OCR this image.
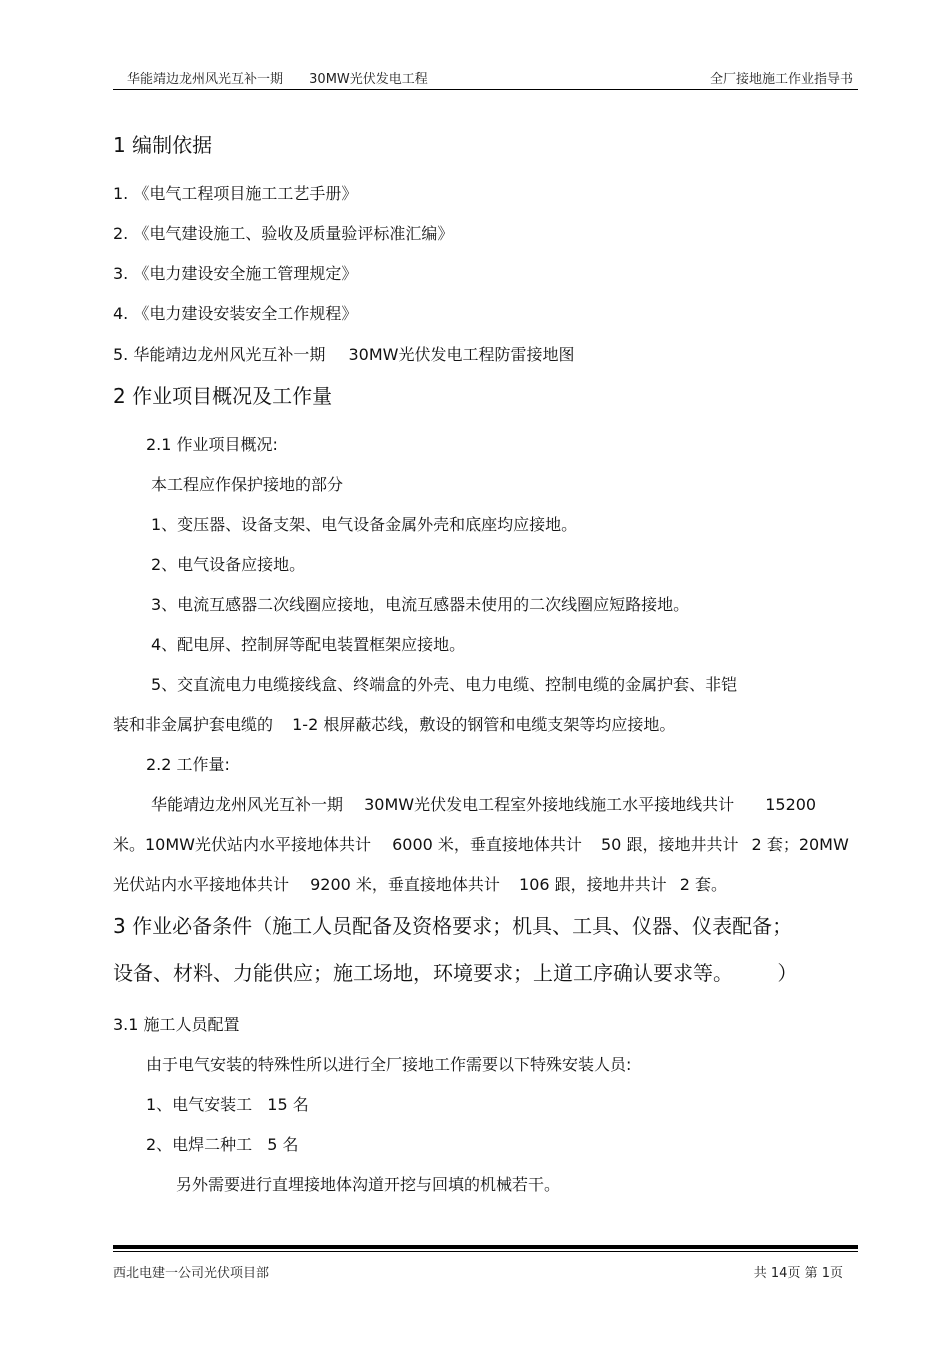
华能靖边龙州风光互补一期 30MW光伏发电工程	全厂接地施工作业指导书
1 编制依据
1. 《电气工程项目施工工艺手册》
2. 《电气建设施工、验收及质量验评标准汇编》
3. 《电力建设安全施工管理规定》
4. 《电力建设安装安全工作规程》
5. 华能靖边龙州风光互补一期 30MW光伏发电工程防雷接地图
2 作业项目概况及工作量
2.1 作业项目概况:
本工程应作保护接地的部分
1、变压器、设备支架、电气设备金属外壳和底座均应接地。
2、电气设备应接地。
3、电流互感器二次线圈应接地，电流互感器未使用的二次线圈应短路接地。
4、配电屏、控制屏等配电装置框架应接地。
5、交直流电力电缆接线盒、终端盒的外壳、电力电缆、控制电缆的金属护套、非铠
装和非金属护套电缆的 1-2 根屏蔽芯线，敷设的钢管和电缆支架等均应接地。
2.2 工作量:
华能靖边龙州风光互补一期 30MW光伏发电工程室外接地线施工水平接地线共计 15200
米。10MW光伏站内水平接地体共计 6000 米，垂直接地体共计 50 跟，接地井共计 2 套；20MW
光伏站内水平接地体共计 9200 米，垂直接地体共计 106 跟，接地井共计 2 套。
3 作业必备条件（施工人员配备及资格要求；机具、工具、仪器、仪表配备；
设备、材料、力能供应；施工场地，环境要求；上道工序确认要求等。 ）
3.1 施工人员配置
由于电气安装的特殊性所以进行全厂接地工作需要以下特殊安装人员:
1、电气安装工 15 名
2、电焊二种工 5 名
另外需要进行直埋接地体沟道开挖与回填的机械若干。
西北电建一公司光伏项目部	共 14页 第 1页
